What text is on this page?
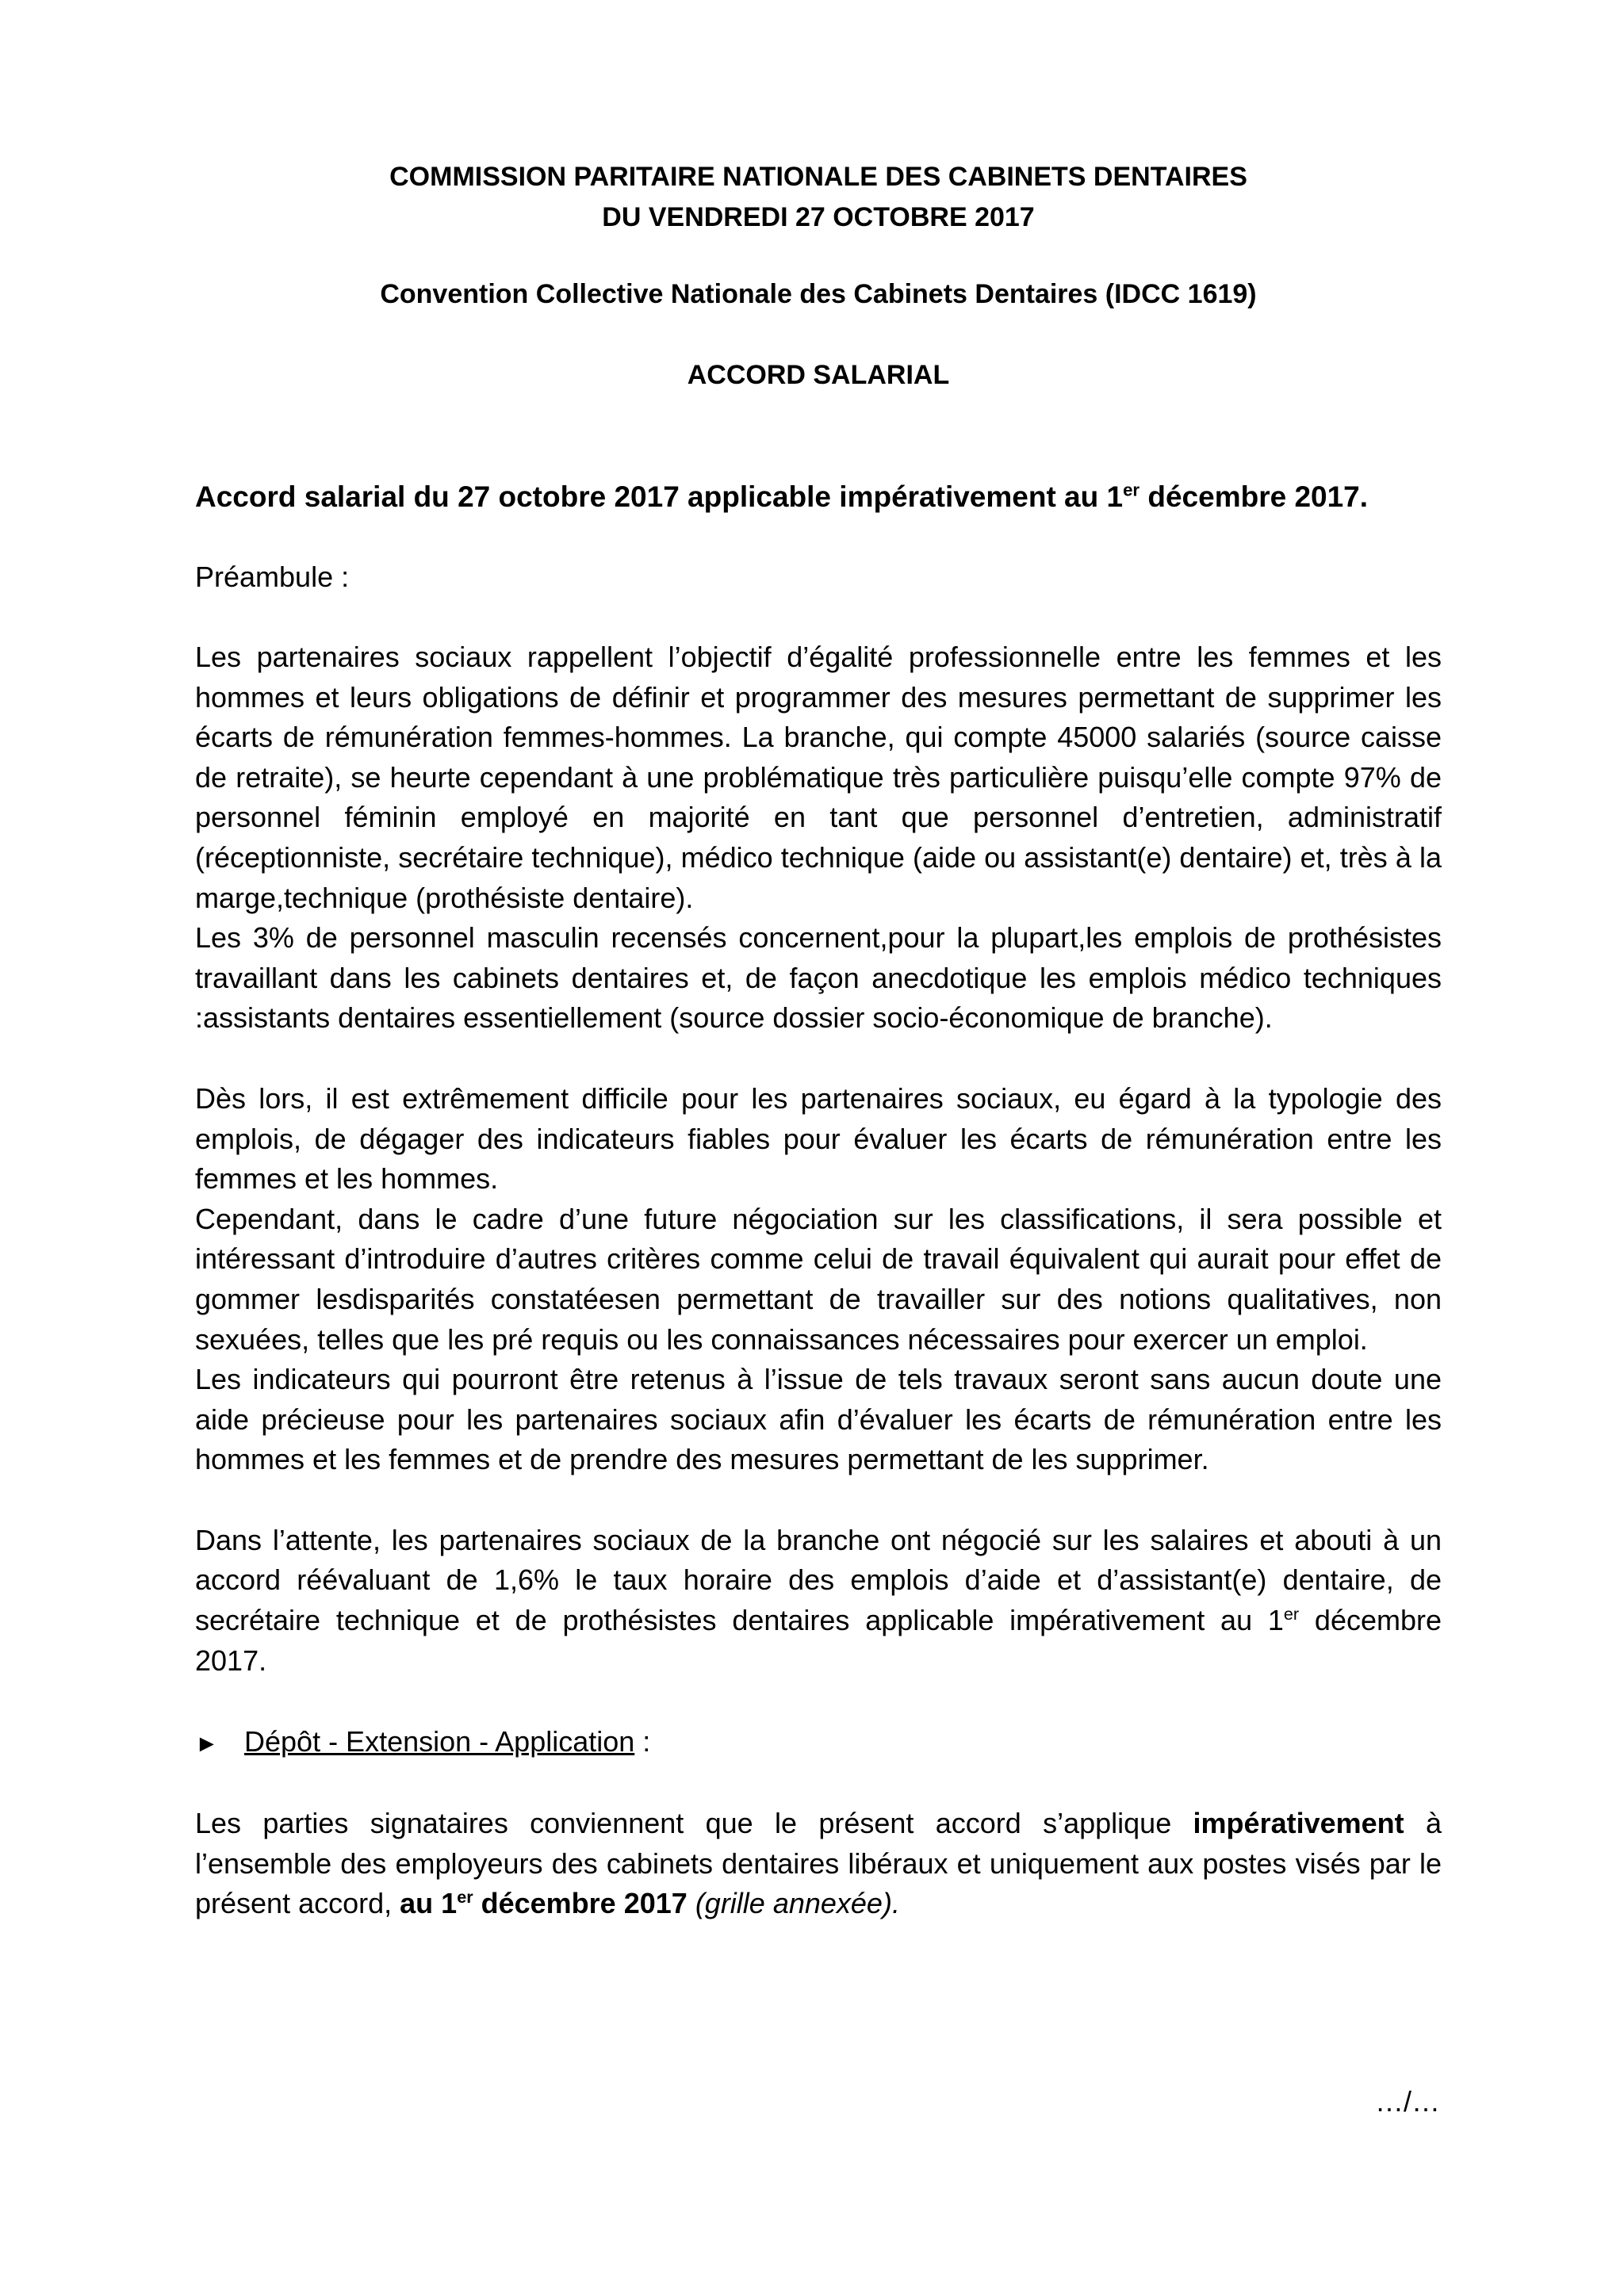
COMMISSION PARITAIRE NATIONALE DES CABINETS DENTAIRES

DU VENDREDI 27 OCTOBRE 2017

Convention Collective Nationale des Cabinets Dentaires (IDCC 1619)

ACCORD SALARIAL

Accord salarial du 27 octobre 2017 applicable impérativement au 1er décembre 2017.

Préambule :

Les partenaires sociaux rappellent l’objectif d’égalité professionnelle entre les femmes et les hommes et leurs obligations de définir et programmer des mesures permettant de supprimer les écarts de rémunération femmes-hommes. La branche, qui compte 45000 salariés (source caisse de retraite), se heurte cependant à une problématique très particulière puisqu’elle compte 97% de personnel féminin employé en majorité en tant que personnel d’entretien, administratif (réceptionniste, secrétaire technique), médico technique (aide ou assistant(e) dentaire) et, très à la marge,technique (prothésiste dentaire).

Les 3% de personnel masculin recensés concernent,pour la plupart,les emplois de prothésistes travaillant dans les cabinets dentaires et, de façon anecdotique les emplois médico techniques :assistants dentaires essentiellement (source dossier socio-économique de branche).

Dès lors, il est extrêmement difficile pour les partenaires sociaux, eu égard à la typologie des emplois, de dégager des indicateurs fiables pour évaluer les écarts de rémunération entre les femmes et les hommes.

Cependant, dans le cadre d’une future négociation sur les classifications, il sera possible et intéressant d’introduire d’autres critères comme celui de travail équivalent qui aurait pour effet de gommer lesdisparités constatéesen permettant de travailler sur des notions qualitatives, non sexuées, telles que les pré requis ou les connaissances nécessaires pour exercer un emploi.

Les indicateurs qui pourront être retenus à l’issue de tels travaux seront sans aucun doute une aide précieuse pour les partenaires sociaux afin d’évaluer les écarts de rémunération entre les hommes et les femmes et de prendre des mesures permettant de les supprimer.

Dans l’attente, les partenaires sociaux de la branche ont négocié sur les salaires et abouti à un accord réévaluant de 1,6% le taux horaire des emplois d’aide et d’assistant(e) dentaire, de secrétaire technique et de prothésistes dentaires applicable impérativement au 1er décembre 2017.

► Dépôt - Extension - Application :

Les parties signataires conviennent que le présent accord s’applique impérativement à l’ensemble des employeurs des cabinets dentaires libéraux et uniquement aux postes visés par le présent accord, au 1er décembre 2017 (grille annexée).

…/…
